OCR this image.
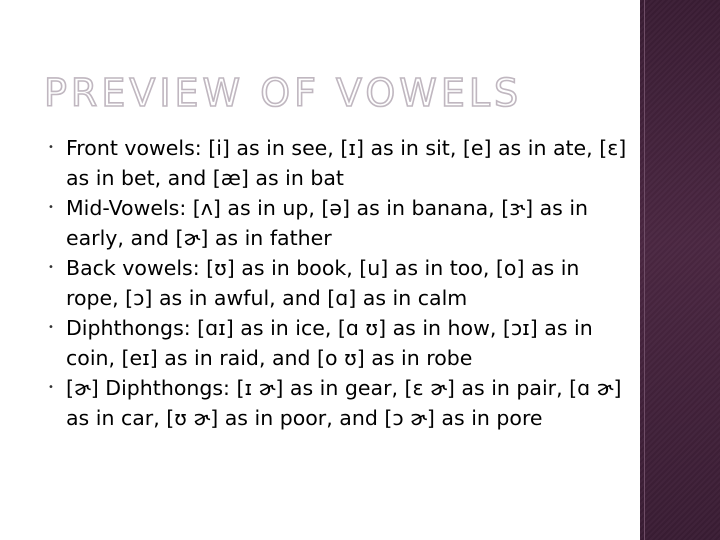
PREVIEW OF VOWELS
• Front vowels: [i] as in see, [ɪ] as in sit, [e] as in ate, [ɛ] as in bet, and [æ] as in bat
• Mid-Vowels: [ʌ] as in up, [ə] as in banana, [ɝ] as in early, and [ɚ] as in father
• Back vowels: [ʊ] as in book, [u] as in too, [o] as in rope, [ɔ] as in awful, and [ɑ] as in calm
• Diphthongs: [ɑɪ] as in ice, [ɑ ʊ] as in how, [ɔɪ] as in coin, [eɪ] as in raid, and [o ʊ] as in robe
• [ɚ] Diphthongs: [ɪ ɚ] as in gear, [ɛ ɚ] as in pair, [ɑ ɚ] as in car, [ʊ ɚ] as in poor, and [ɔ ɚ] as in pore
